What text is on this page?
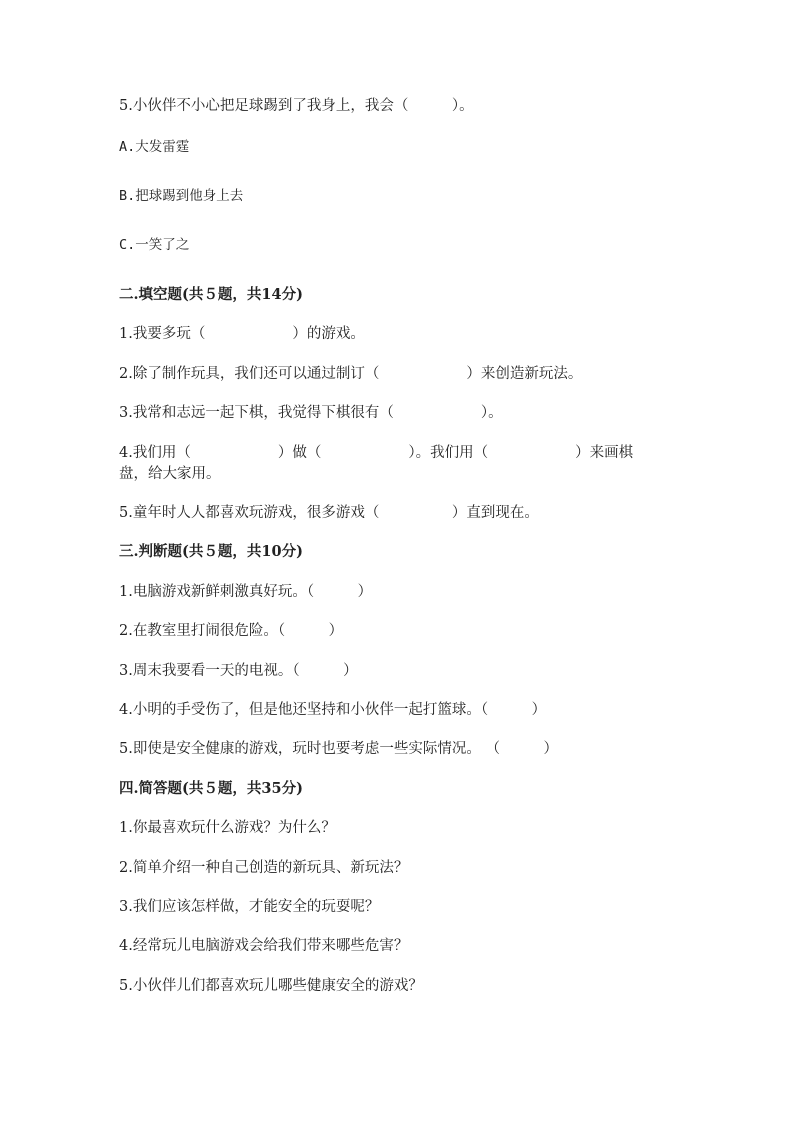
5.小伙伴不小心把足球踢到了我身上，我会（　　　）。
A.大发雷霆
B.把球踢到他身上去
C.一笑了之
二.填空题(共５题，共14分)
1.我要多玩（　　　　　　）的游戏。
2.除了制作玩具，我们还可以通过制订（　　　　　　）来创造新玩法。
3.我常和志远一起下棋，我觉得下棋很有（　　　　　　）。
4.我们用（　　　　　　）做（　　　　　　）。我们用（　　　　　　）来画棋
盘，给大家用。
5.童年时人人都喜欢玩游戏，很多游戏（　　　　　）直到现在。
三.判断题(共５题，共10分)
1.电脑游戏新鲜刺激真好玩。（　　　）
2.在教室里打闹很危险。（　　　）
3.周末我要看一天的电视。（　　　）
4.小明的手受伤了，但是他还坚持和小伙伴一起打篮球。（　　　）
5.即使是安全健康的游戏，玩时也要考虑一些实际情况。 （　　　）
四.简答题(共５题，共35分)
1.你最喜欢玩什么游戏？为什么？
2.简单介绍一种自己创造的新玩具、新玩法？
3.我们应该怎样做，才能安全的玩耍呢？
4.经常玩儿电脑游戏会给我们带来哪些危害？
5.小伙伴儿们都喜欢玩儿哪些健康安全的游戏？
